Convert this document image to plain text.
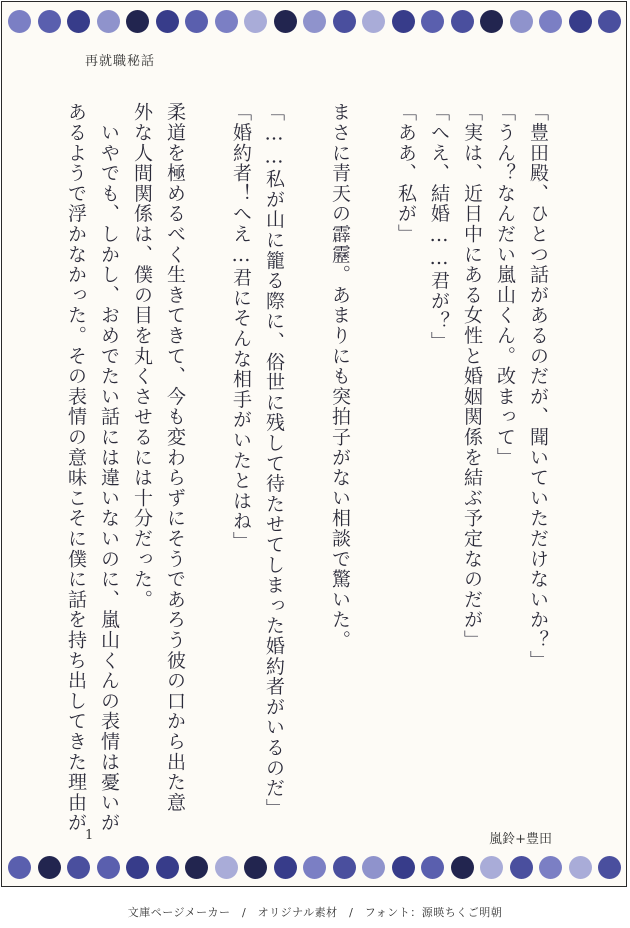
再就職秘話
「豊田殿、ひとつ話があるのだが、聞いていただけないか？」
「うん？なんだい嵐山くん。改まって」
「実は、近日中にある女性と婚姻関係を結ぶ予定なのだが」
「へえ、結婚……君が？」
「ああ、私が」
まさに青天の霹靂。あまりにも突拍子がない相談で驚いた。
「……私が山に籠る際に、俗世に残して待たせてしまった婚約者がいるのだ」
「婚約者！へえ…君にそんな相手がいたとはね」
柔道を極めるべく生きてきて、今も変わらずにそうであろう彼の口から出た意
外な人間関係は、僕の目を丸くさせるには十分だった。
　いやでも、しかし、おめでたい話には違いないのに、嵐山くんの表情は憂いが
あるようで浮かなかった。その表情の意味こそに僕に話を持ち出してきた理由が
1	嵐鈴+豊田
文庫ページメーカー　/　オリジナル素材　/　フォント：源暎ちくご明朝
